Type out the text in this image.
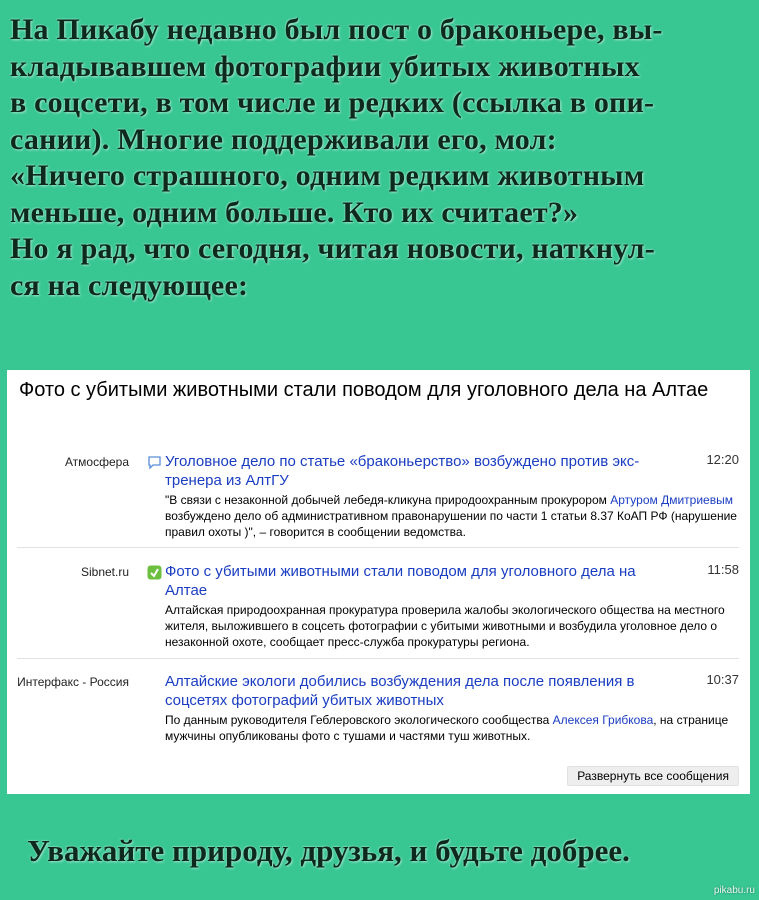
На Пикабу недавно был пост о браконьере, вы-
кладывавшем фотографии убитых животных
в соцсети, в том числе и редких (ссылка в опи-
сании). Многие поддерживали его, мол:
«Ничего страшного, одним редким животным
меньше, одним больше. Кто их считает?»
Но я рад, что сегодня, читая новости, наткнул-
ся на следующее:
Фото с убитыми животными стали поводом для уголовного дела на Алтае
Атмосфера Уголовное дело по статье «браконьерство» возбуждено против экс-тренера из АлтГУ
12:20
"В связи с незаконной добычей лебедя-кликуна природоохранным прокурором Артуром Дмитриевым возбуждено дело об административном правонарушении по части 1 статьи 8.37 КоАП РФ (нарушение правил охоты )", – говорится в сообщении ведомства.
Sibnet.ru Фото с убитыми животными стали поводом для уголовного дела на Алтае
11:58
Алтайская природоохранная прокуратура проверила жалобы экологического общества на местного жителя, выложившего в соцсеть фотографии с убитыми животными и возбудила уголовное дело о незаконной охоте, сообщает пресс-служба прокуратуры региона.
Интерфакс - Россия Алтайские экологи добились возбуждения дела после появления в соцсетях фотографий убитых животных
10:37
По данным руководителя Геблеровского экологического сообщества Алексея Грибкова, на странице мужчины опубликованы фото с тушами и частями туш животных.
Развернуть все сообщения
Уважайте природу, друзья, и будьте добрее.
pikabu.ru
